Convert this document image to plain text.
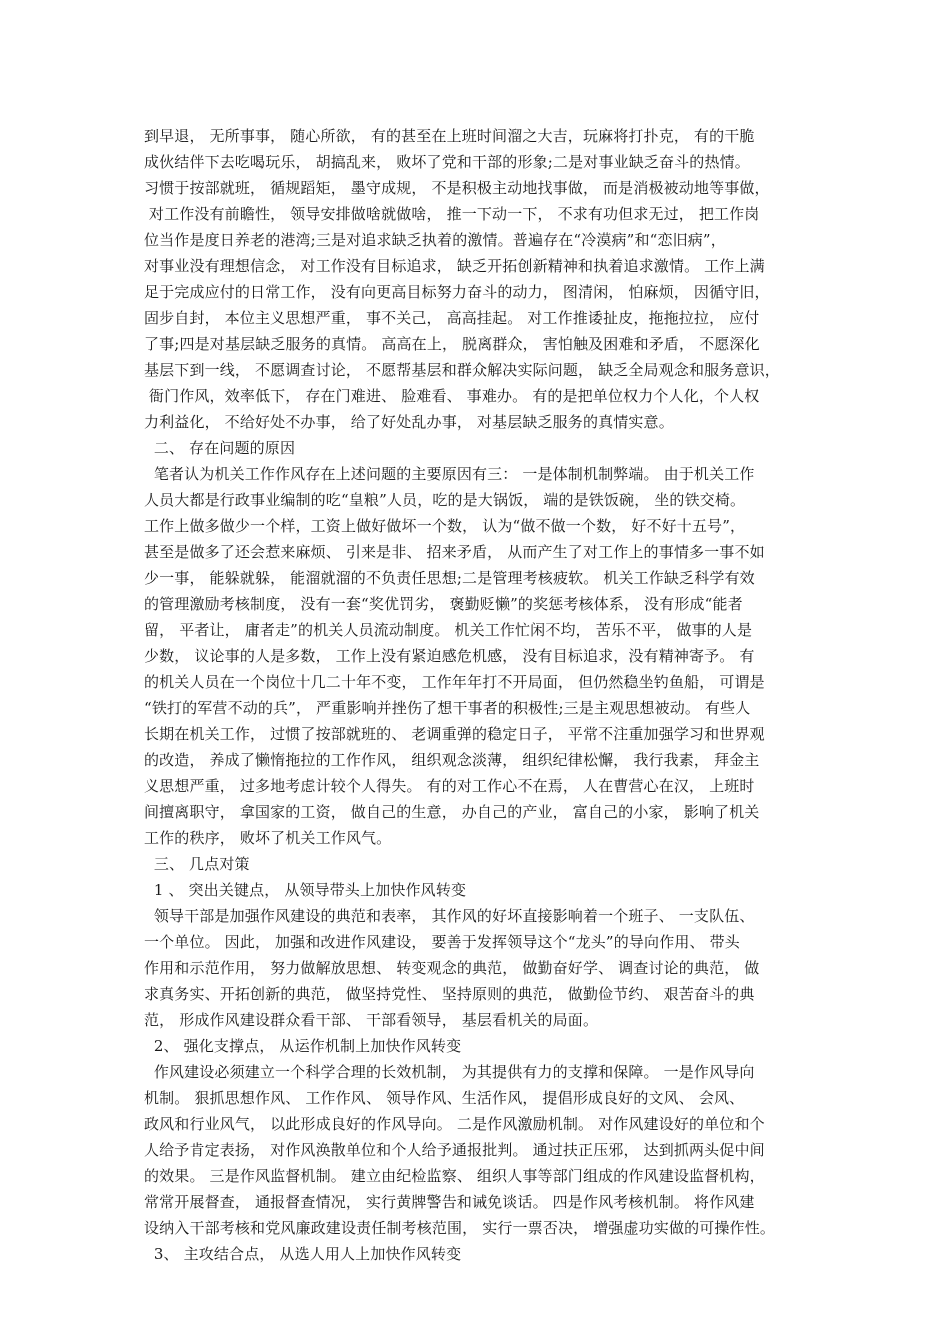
到早退， 无所事事， 随心所欲， 有的甚至在上班时间溜之大吉，玩麻将打扑克， 有的干脆
成伙结伴下去吃喝玩乐， 胡搞乱来， 败坏了党和干部的形象;二是对事业缺乏奋斗的热情。
习惯于按部就班， 循规蹈矩， 墨守成规， 不是积极主动地找事做， 而是消极被动地等事做，
对工作没有前瞻性， 领导安排做啥就做啥， 推一下动一下， 不求有功但求无过， 把工作岗
位当作是度日养老的港湾;三是对追求缺乏执着的激情。普遍存在“冷漠病”和“恋旧病”，
对事业没有理想信念， 对工作没有目标追求， 缺乏开拓创新精神和执着追求激情。 工作上满
足于完成应付的日常工作， 没有向更高目标努力奋斗的动力， 图清闲， 怕麻烦， 因循守旧，
固步自封， 本位主义思想严重， 事不关己， 高高挂起。 对工作推诿扯皮，拖拖拉拉， 应付
了事;四是对基层缺乏服务的真情。 高高在上， 脱离群众， 害怕触及困难和矛盾， 不愿深化
基层下到一线， 不愿调查讨论， 不愿帮基层和群众解决实际问题， 缺乏全局观念和服务意识，
衙门作风，效率低下， 存在门难进、 脸难看、 事难办。 有的是把单位权力个人化，个人权
力利益化， 不给好处不办事， 给了好处乱办事， 对基层缺乏服务的真情实意。
二、 存在问题的原因
笔者认为机关工作作风存在上述问题的主要原因有三： 一是体制机制弊端。 由于机关工作
人员大都是行政事业编制的吃“皇粮”人员，吃的是大锅饭， 端的是铁饭碗， 坐的铁交椅。
工作上做多做少一个样，工资上做好做坏一个数， 认为“做不做一个数， 好不好十五号”，
甚至是做多了还会惹来麻烦、 引来是非、 招来矛盾， 从而产生了对工作上的事情多一事不如
少一事， 能躲就躲， 能溜就溜的不负责任思想;二是管理考核疲软。 机关工作缺乏科学有效
的管理激励考核制度， 没有一套“奖优罚劣， 褒勤贬懒”的奖惩考核体系， 没有形成“能者
留， 平者让， 庸者走”的机关人员流动制度。 机关工作忙闲不均， 苦乐不平， 做事的人是
少数， 议论事的人是多数， 工作上没有紧迫感危机感， 没有目标追求，没有精神寄予。 有
的机关人员在一个岗位十几二十年不变， 工作年年打不开局面， 但仍然稳坐钓鱼船， 可谓是
“铁打的军营不动的兵”， 严重影响并挫伤了想干事者的积极性;三是主观思想被动。 有些人
长期在机关工作， 过惯了按部就班的、 老调重弹的稳定日子， 平常不注重加强学习和世界观
的改造， 养成了懒惰拖拉的工作作风， 组织观念淡薄， 组织纪律松懈， 我行我素， 拜金主
义思想严重， 过多地考虑计较个人得失。 有的对工作心不在焉， 人在曹营心在汉， 上班时
间擅离职守， 拿国家的工资， 做自己的生意， 办自己的产业， 富自己的小家， 影响了机关
工作的秩序， 败坏了机关工作风气。
三、 几点对策
1 、 突出关键点， 从领导带头上加快作风转变
领导干部是加强作风建设的典范和表率， 其作风的好坏直接影响着一个班子、 一支队伍、
一个单位。 因此， 加强和改进作风建设， 要善于发挥领导这个“龙头”的导向作用、 带头
作用和示范作用， 努力做解放思想、 转变观念的典范， 做勤奋好学、 调查讨论的典范， 做
求真务实、开拓创新的典范， 做坚持党性、 坚持原则的典范， 做勤俭节约、 艰苦奋斗的典
范， 形成作风建设群众看干部、 干部看领导， 基层看机关的局面。
2、 强化支撑点， 从运作机制上加快作风转变
作风建设必须建立一个科学合理的长效机制， 为其提供有力的支撑和保障。 一是作风导向
机制。 狠抓思想作风、 工作作风、 领导作风、生活作风， 提倡形成良好的文风、 会风、
政风和行业风气， 以此形成良好的作风导向。 二是作风激励机制。 对作风建设好的单位和个
人给予肯定表扬， 对作风涣散单位和个人给予通报批判。 通过扶正压邪， 达到抓两头促中间
的效果。 三是作风监督机制。 建立由纪检监察、 组织人事等部门组成的作风建设监督机构，
常常开展督查， 通报督查情况， 实行黄牌警告和诫免谈话。 四是作风考核机制。 将作风建
设纳入干部考核和党风廉政建设责任制考核范围， 实行一票否决， 增强虚功实做的可操作性。
3、 主攻结合点， 从选人用人上加快作风转变
